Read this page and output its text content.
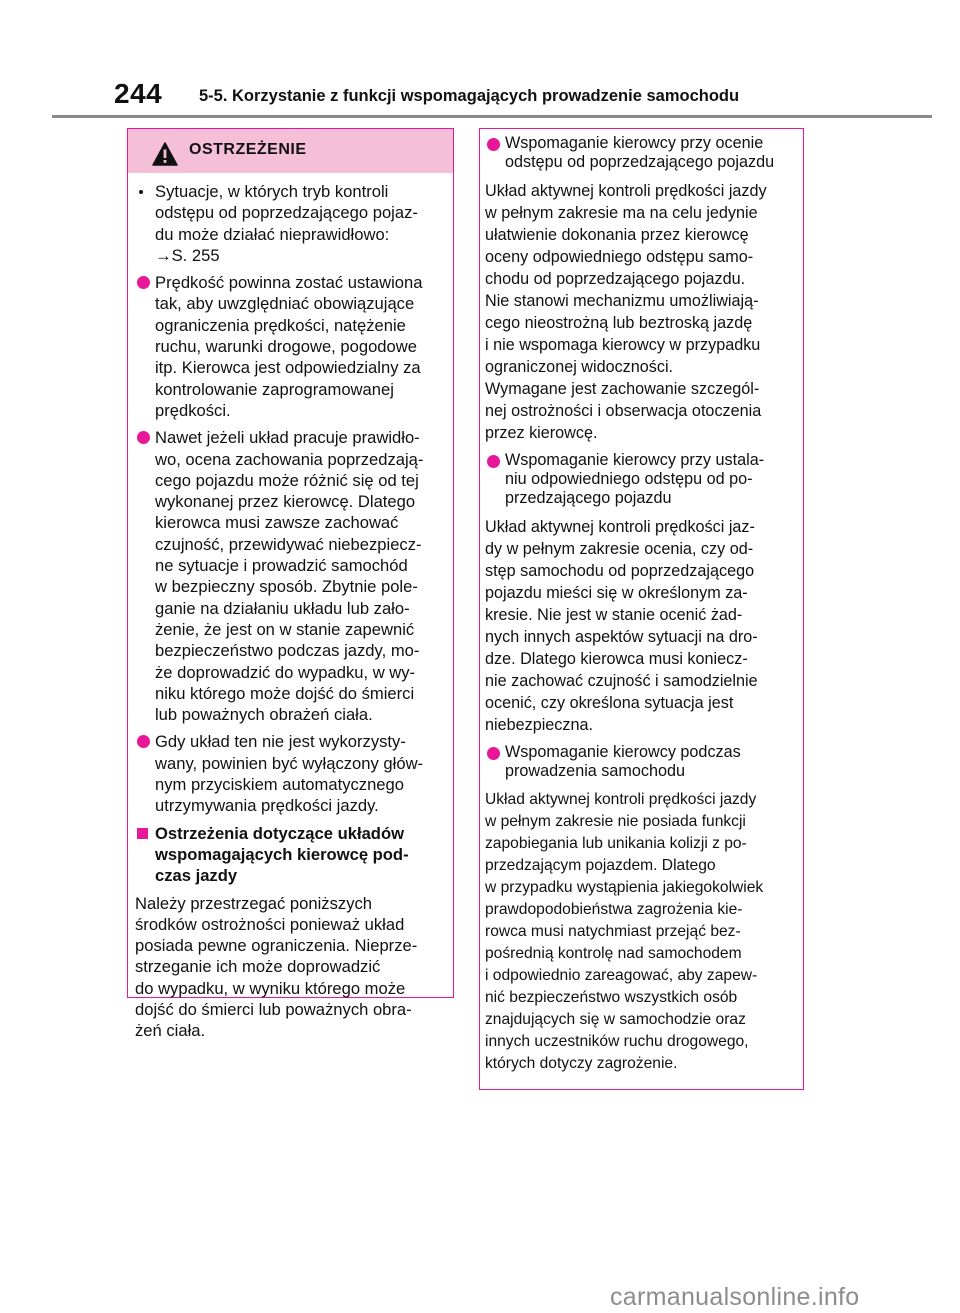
244 5-5. Korzystanie z funkcji wspomagających prowadzenie samochodu
OSTRZEŻENIE
Sytuacje, w których tryb kontroli
odstępu od poprzedzającego pojaz-
du może działać nieprawidłowo:
→S. 255
Prędkość powinna zostać ustawiona
tak, aby uwzględniać obowiązujące
ograniczenia prędkości, natężenie
ruchu, warunki drogowe, pogodowe
itp. Kierowca jest odpowiedzialny za
kontrolowanie zaprogramowanej
prędkości.
Nawet jeżeli układ pracuje prawidło-
wo, ocena zachowania poprzedzają-
cego pojazdu może różnić się od tej
wykonanej przez kierowcę. Dlatego
kierowca musi zawsze zachować
czujność, przewidywać niebezpiecz-
ne sytuacje i prowadzić samochód
w bezpieczny sposób. Zbytnie pole-
ganie na działaniu układu lub zało-
żenie, że jest on w stanie zapewnić
bezpieczeństwo podczas jazdy, mo-
że doprowadzić do wypadku, w wy-
niku którego może dojść do śmierci
lub poważnych obrażeń ciała.
Gdy układ ten nie jest wykorzysty-
wany, powinien być wyłączony głów-
nym przyciskiem automatycznego
utrzymywania prędkości jazdy.
Ostrzeżenia dotyczące układów
wspomagających kierowcę pod-
czas jazdy
Należy przestrzegać poniższych
środków ostrożności ponieważ układ
posiada pewne ograniczenia. Nieprze-
strzeganie ich może doprowadzić
do wypadku, w wyniku którego może
dojść do śmierci lub poważnych obra-
żeń ciała.
Wspomaganie kierowcy przy ocenie
odstępu od poprzedzającego pojazdu
Układ aktywnej kontroli prędkości jazdy
w pełnym zakresie ma na celu jedynie
ułatwienie dokonania przez kierowcę
oceny odpowiedniego odstępu samo-
chodu od poprzedzającego pojazdu.
Nie stanowi mechanizmu umożliwiają-
cego nieostrożną lub beztroską jazdę
i nie wspomaga kierowcy w przypadku
ograniczonej widoczności.
Wymagane jest zachowanie szczegól-
nej ostrożności i obserwacja otoczenia
przez kierowcę.
Wspomaganie kierowcy przy ustala-
niu odpowiedniego odstępu od po-
przedzającego pojazdu
Układ aktywnej kontroli prędkości jaz-
dy w pełnym zakresie ocenia, czy od-
stęp samochodu od poprzedzającego
pojazdu mieści się w określonym za-
kresie. Nie jest w stanie ocenić żad-
nych innych aspektów sytuacji na dro-
dze. Dlatego kierowca musi koniecz-
nie zachować czujność i samodzielnie
ocenić, czy określona sytuacja jest
niebezpieczna.
Wspomaganie kierowcy podczas
prowadzenia samochodu
Układ aktywnej kontroli prędkości jazdy
w pełnym zakresie nie posiada funkcji
zapobiegania lub unikania kolizji z po-
przedzającym pojazdem. Dlatego
w przypadku wystąpienia jakiegokolwiek
prawdopodobieństwa zagrożenia kie-
rowca musi natychmiast przejąć bez-
pośrednią kontrolę nad samochodem
i odpowiednio zareagować, aby zapew-
nić bezpieczeństwo wszystkich osób
znajdujących się w samochodzie oraz
innych uczestników ruchu drogowego,
których dotyczy zagrożenie.
carmanualsonline.info
